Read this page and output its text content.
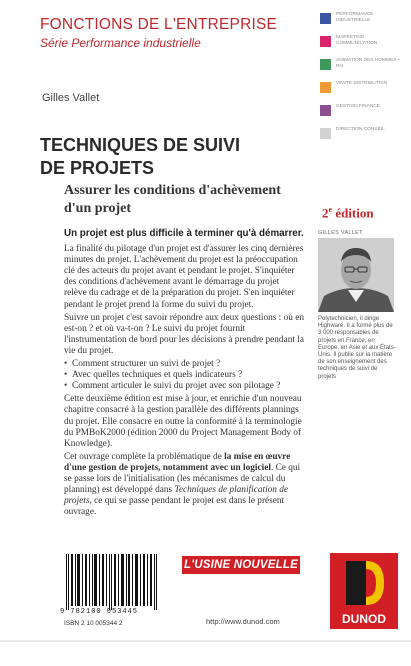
FONCTIONS DE L'ENTREPRISE
Série Performance industrielle
PERFORMANCE INDUSTRIELLE
MARKETING COMMUNICATION
ANIMATION DES HOMMES • RH
VENTE DISTRIBUTION
GESTION FINANCE
DIRECTION CONSEIL
Gilles Vallet
TECHNIQUES DE SUIVI
DE PROJETS
Assurer les conditions d'achèvement
d'un projet	2e édition

Un projet est plus difficile à terminer qu'à démarrer.

La finalité du pilotage d'un projet est d'assurer les cinq dernières minutes du projet. L'achèvement du projet est la préoccupation clé des acteurs du projet avant et pendant le projet. S'inquiéter des conditions d'achèvement avant le démarrage du projet relève du cadrage et de la préparation du projet. S'en inquiéter pendant le projet prend la forme du suivi du projet.

Suivre un projet c'est savoir répondre aux deux questions : où en est-on ? et où va-t-on ? Le suivi du projet fournit l'instrumentation de bord pour les décisions à prendre pendant la vie du projet.

• Comment structurer un suivi de projet ?
• Avec quelles techniques et quels indicateurs ?
• Comment articuler le suivi du projet avec son pilotage ?

Cette deuxième édition est mise à jour, et enrichie d'un nouveau chapitre consacré à la gestion parallèle des différents plannings du projet. Elle consacre en outre la conformité à la terminologie du PMBoK2000 (édition 2000 du Project Management Body of Knowledge).

Cet ouvrage complète la problématique de la mise en œuvre d'une gestion de projets, notamment avec un logiciel. Ce qui se passe lors de l'initialisation (les mécanismes de calcul du planning) est développé dans Techniques de planification de projets, ce qui se passe pendant le projet est dans le présent ouvrage.

GILLES VALLET
Polytechnicien, il dirige Highware. Il a formé plus de 3 000 responsables de projets en France, en Europe, en Asie et aux États-Unis. Il publie sur la matière de son enseignement des techniques de suivi de projets
9 782100 053445
ISBN 2 10 005344 2
L'USINE NOUVELLE
http://www.dunod.com	DUNOD
